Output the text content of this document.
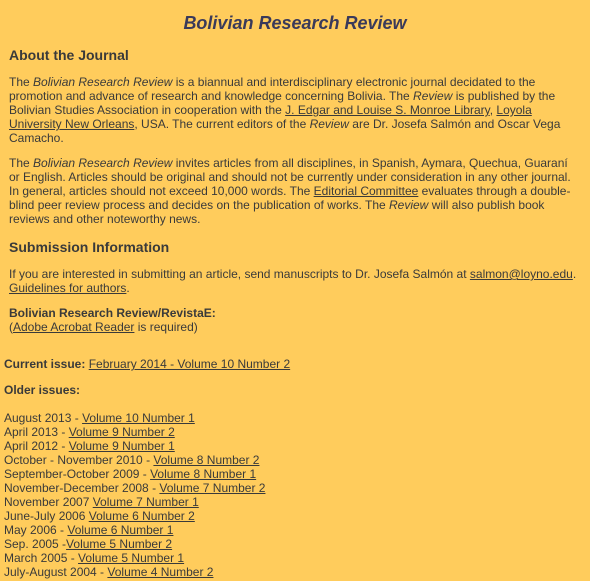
Bolivian Research Review
About the Journal

The Bolivian Research Review is a biannual and interdisciplinary electronic journal decidated to the promotion and advance of research and knowledge concerning Bolivia. The Review is published by the Bolivian Studies Association in cooperation with the J. Edgar and Louise S. Monroe Library, Loyola University New Orleans, USA. The current editors of the Review are Dr. Josefa Salmón and Oscar Vega Camacho.

The Bolivian Research Review invites articles from all disciplines, in Spanish, Aymara, Quechua, Guaraní or English. Articles should be original and should not be currently under consideration in any other journal. In general, articles should not exceed 10,000 words. The Editorial Committee evaluates through a double-blind peer review process and decides on the publication of works. The Review will also publish book reviews and other noteworthy news.

Submission Information

If you are interested in submitting an article, send manuscripts to Dr. Josefa Salmón at salmon@loyno.edu.
Guidelines for authors.

Bolivian Research Review/RevistaE:
(Adobe Acrobat Reader is required)

Current issue: February 2014 - Volume 10 Number 2
Older issues:
August 2013 - Volume 10 Number 1
April 2013 - Volume 9 Number 2
April 2012 - Volume 9 Number 1
October - November 2010 - Volume 8 Number 2
September-October 2009 - Volume 8 Number 1
November-December 2008 - Volume 7 Number 2
November 2007 Volume 7 Number 1
June-July 2006 Volume 6 Number 2
May 2006 - Volume 6 Number 1
Sep. 2005 -Volume 5 Number 2
March 2005 - Volume 5 Number 1
July-August 2004 - Volume 4 Number 2
